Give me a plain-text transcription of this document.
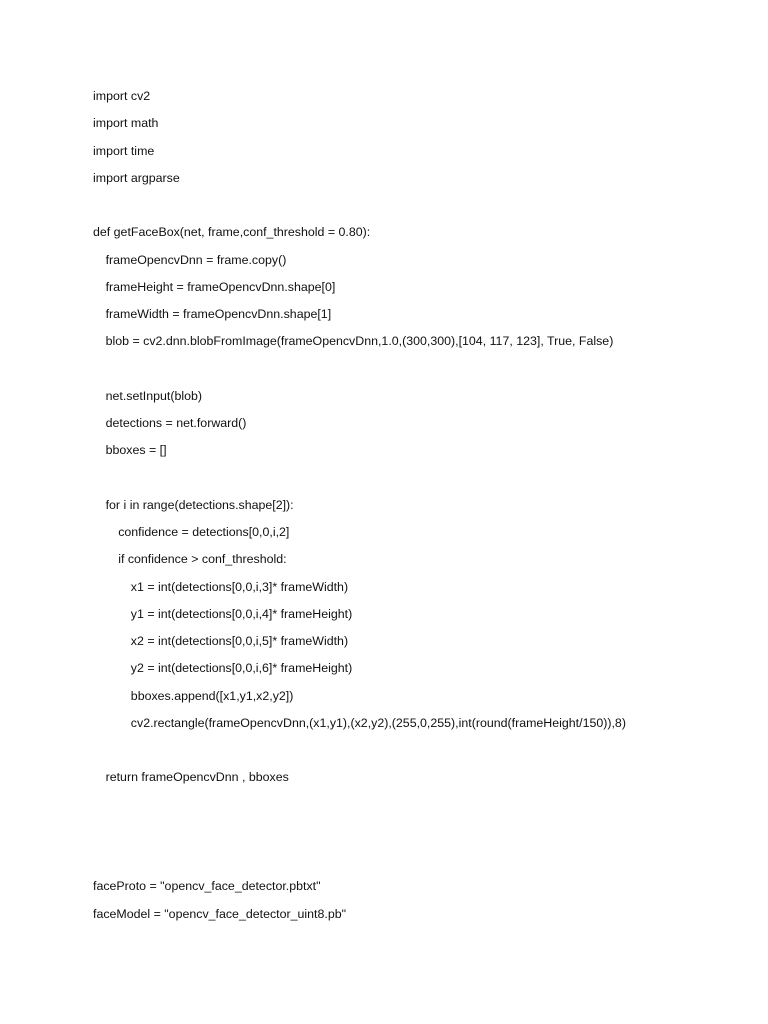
import cv2
import math
import time
import argparse
def getFaceBox(net, frame,conf_threshold = 0.80):
frameOpencvDnn = frame.copy()
frameHeight = frameOpencvDnn.shape[0]
frameWidth = frameOpencvDnn.shape[1]
blob = cv2.dnn.blobFromImage(frameOpencvDnn,1.0,(300,300),[104, 117, 123], True, False)
net.setInput(blob)
detections = net.forward()
bboxes = []
for i in range(detections.shape[2]):
confidence = detections[0,0,i,2]
if confidence > conf_threshold:
x1 = int(detections[0,0,i,3]* frameWidth)
y1 = int(detections[0,0,i,4]* frameHeight)
x2 = int(detections[0,0,i,5]* frameWidth)
y2 = int(detections[0,0,i,6]* frameHeight)
bboxes.append([x1,y1,x2,y2])
cv2.rectangle(frameOpencvDnn,(x1,y1),(x2,y2),(255,0,255),int(round(frameHeight/150)),8)
return frameOpencvDnn , bboxes
faceProto = "opencv_face_detector.pbtxt"
faceModel = "opencv_face_detector_uint8.pb"
